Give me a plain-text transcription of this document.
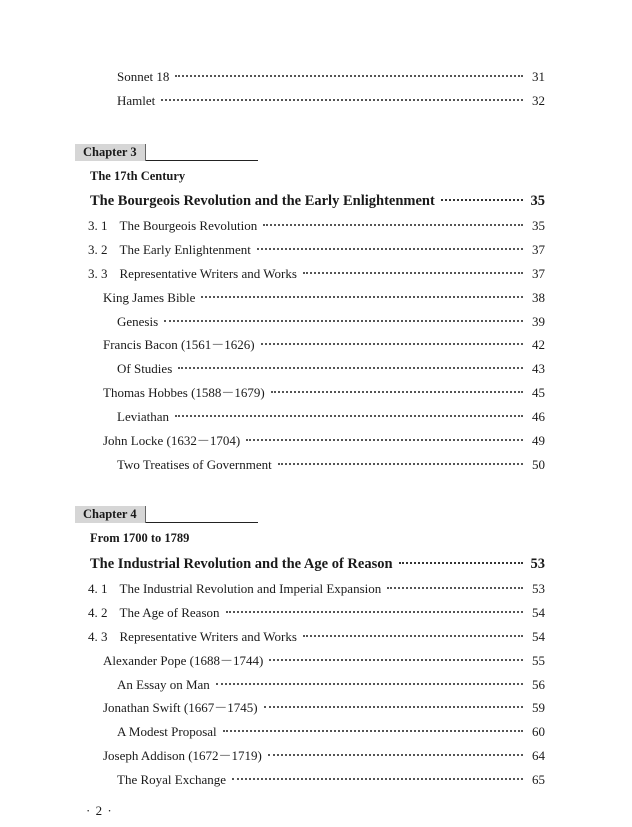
Sonnet 18	31
Hamlet	32
Chapter 3
The 17th Century
The Bourgeois Revolution and the Early Enlightenment	35
3. 1 The Bourgeois Revolution	35
3. 2 The Early Enlightenment	37
3. 3 Representative Writers and Works	37
King James Bible	38
Genesis	39
Francis Bacon (1561－1626)	42
Of Studies	43
Thomas Hobbes (1588－1679)	45
Leviathan	46
John Locke (1632－1704)	49
Two Treatises of Government	50
Chapter 4
From 1700 to 1789
The Industrial Revolution and the Age of Reason	53
4. 1 The Industrial Revolution and Imperial Expansion	53
4. 2 The Age of Reason	54
4. 3 Representative Writers and Works	54
Alexander Pope (1688－1744)	55
An Essay on Man	56
Jonathan Swift (1667－1745)	59
A Modest Proposal	60
Joseph Addison (1672－1719)	64
The Royal Exchange	65
· 2 ·
